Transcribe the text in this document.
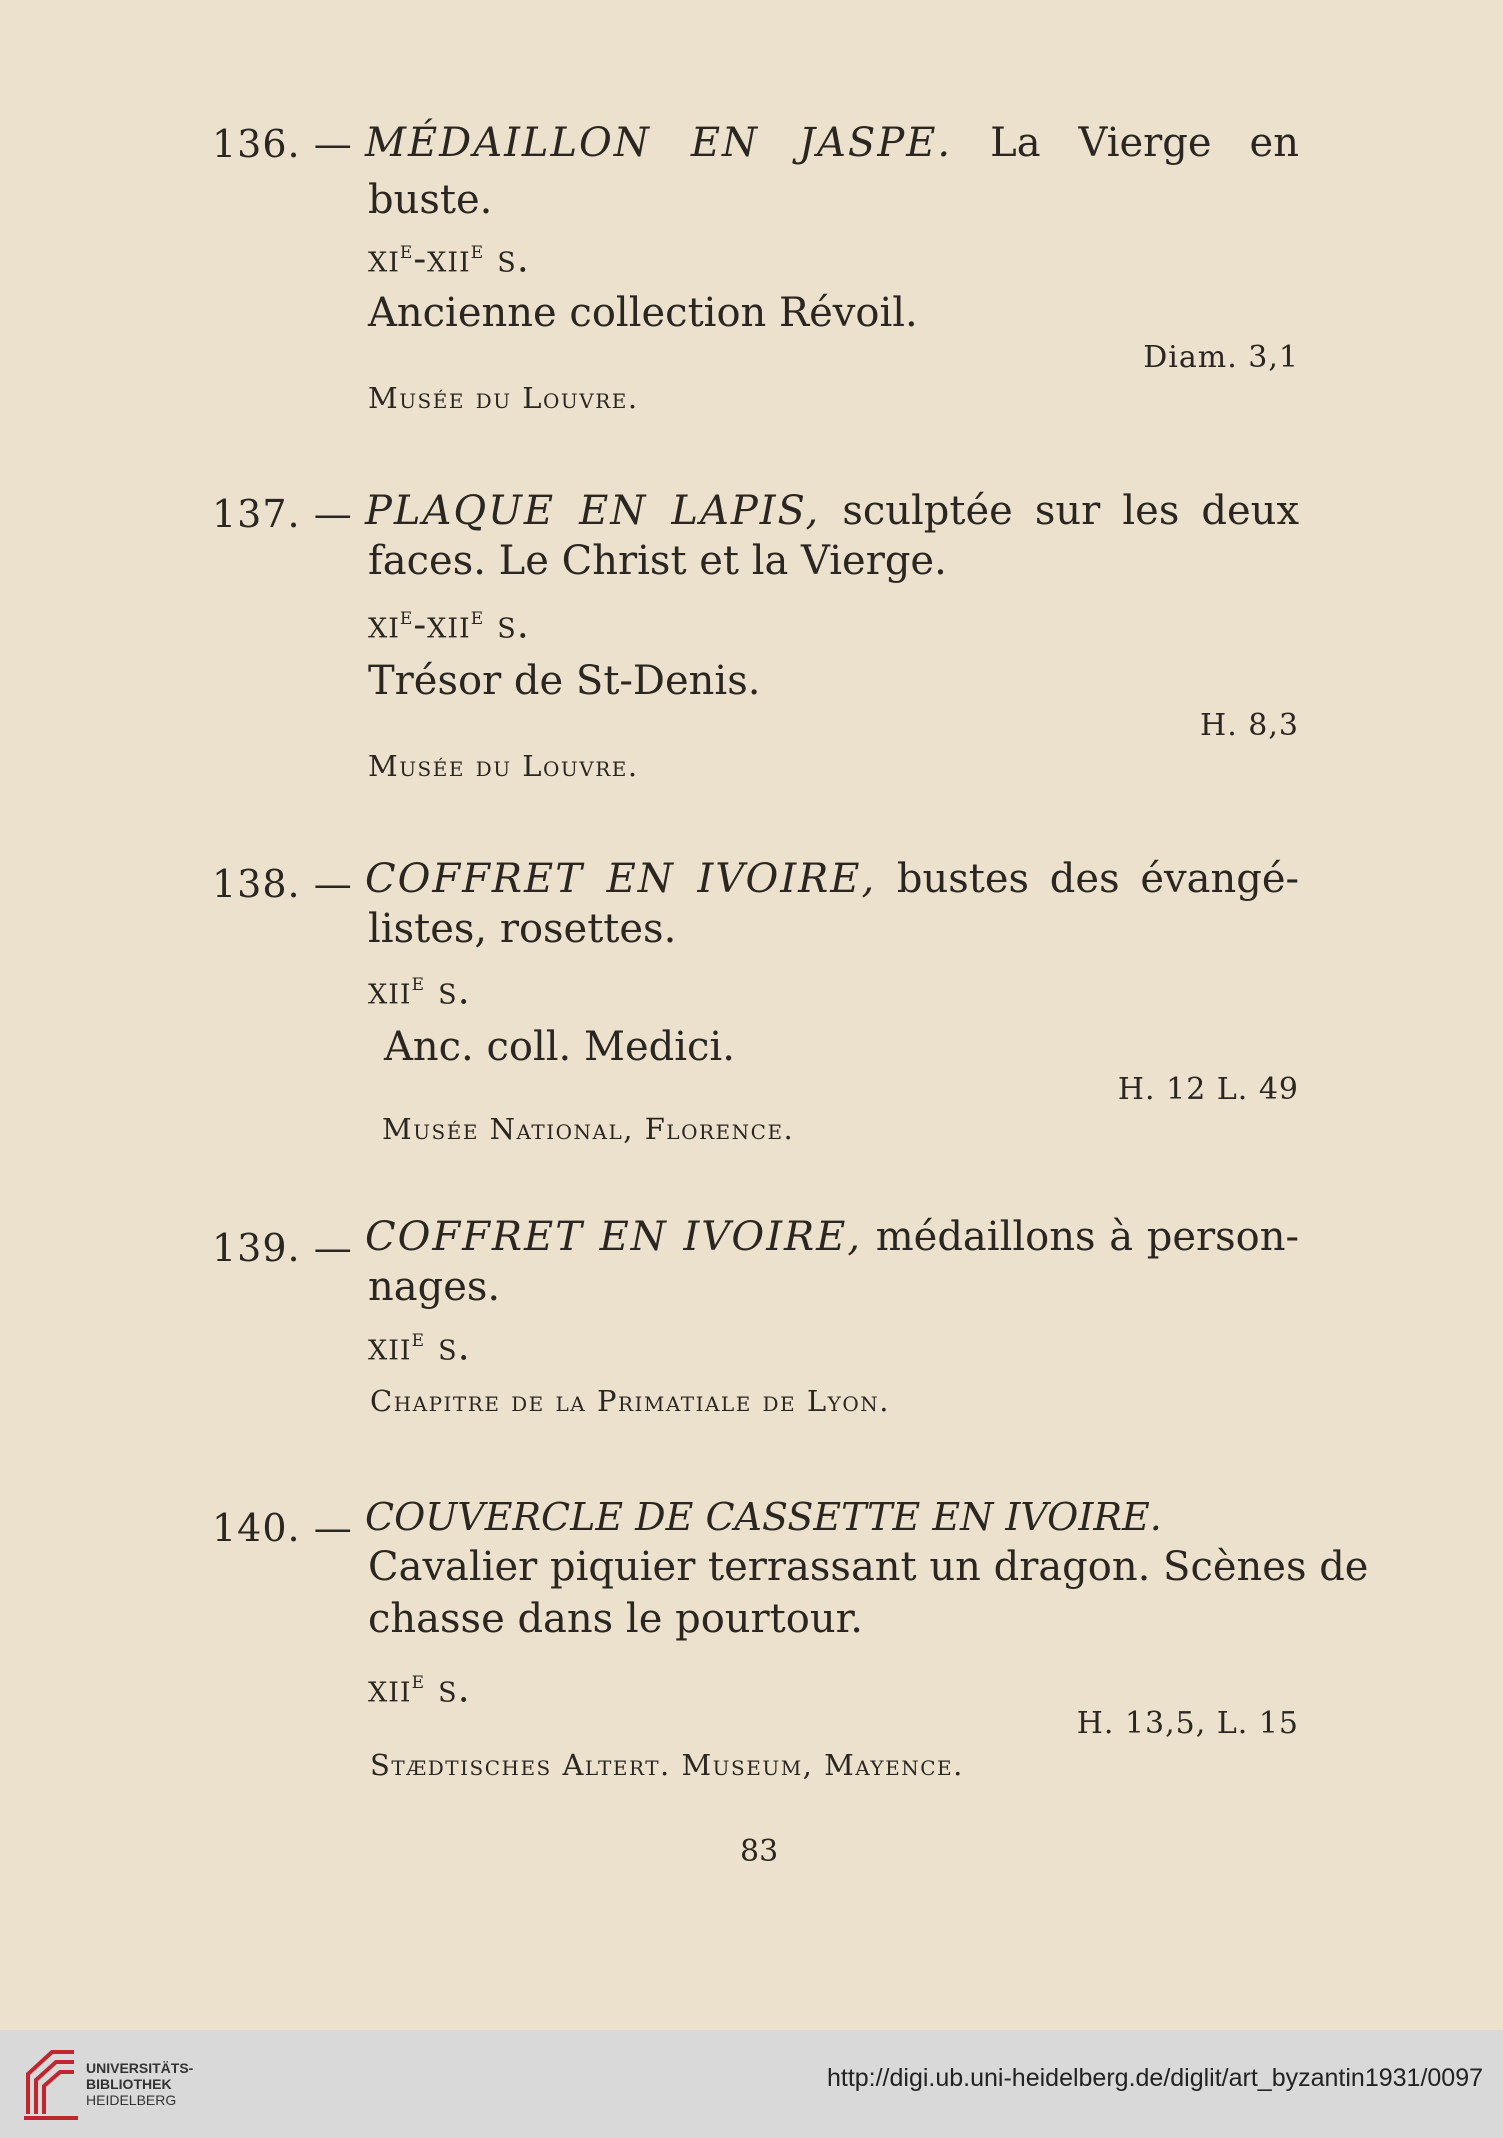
136. — MÉDAILLON EN JASPE. La Vierge en
buste.
$xi^e-xii^e$ s.
Ancienne collection Révoil.
Diam. 3,1
Musée du Louvre.
137. — PLAQUE EN LAPIS, sculptée sur les deux
faces. Le Christ et la Vierge.
$xi^e-xii^e$ s.
Trésor de St-Denis.
H. 8,3
Musée du Louvre.
138. — COFFRET EN IVOIRE, bustes des évangé-
listes, rosettes.
xii$^e$ s.
Anc. coll. Medici.
H. 12 L. 49
Musée National, Florence.
139. — COFFRET EN IVOIRE, médaillons à person-
nages.
xii$^e$ s.
Chapitre de la Primatiale de Lyon.
140. — COUVERCLE DE CASSETTE EN IVOIRE.
Cavalier piquier terrassant un dragon. Scènes de
chasse dans le pourtour.
xii$^e$ s.
H. 13,5, L. 15
Stædtisches Altert. Museum, Mayence.
83
UNIVERSITÄTS-
BIBLIOTHEK
HEIDELBERG
http://digi.ub.uni-heidelberg.de/diglit/art_byzantin1931/0097
